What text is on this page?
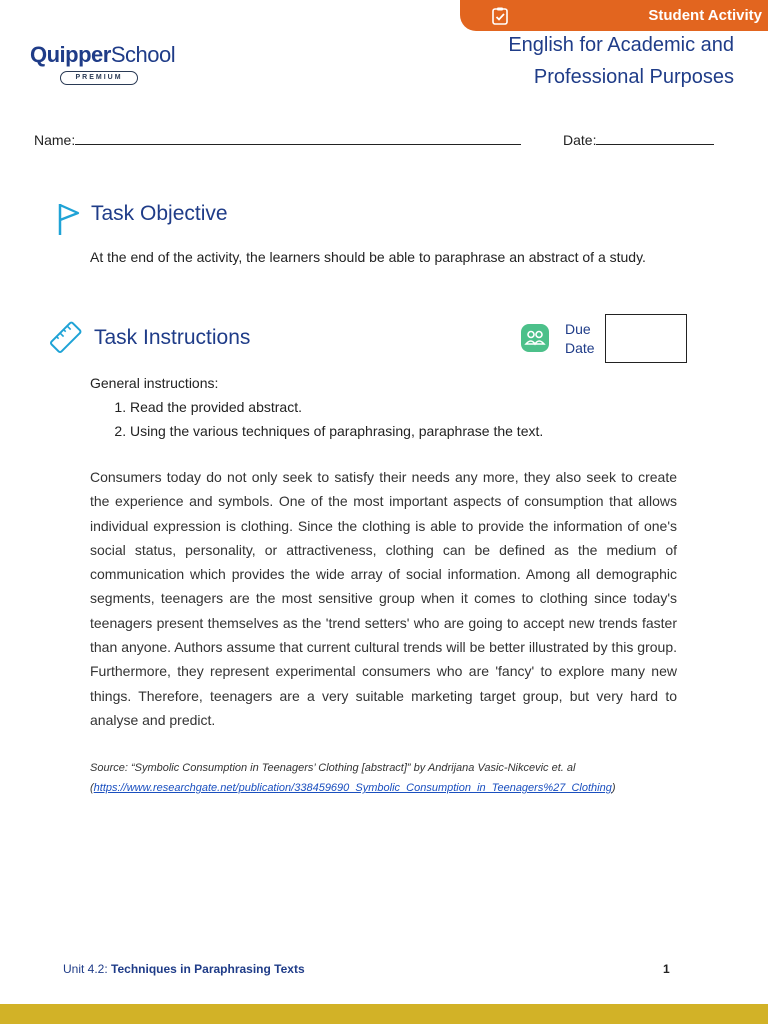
Student Activity
QuipperSchool
PREMIUM
English for Academic and
Professional Purposes
Name:	Date:
Task Objective
At the end of the activity, the learners should be able to paraphrase an abstract of a study.
Task Instructions	Due
Date
General instructions:
1. Read the provided abstract.
2. Using the various techniques of paraphrasing, paraphrase the text.
Consumers today do not only seek to satisfy their needs any more, they also seek to create the experience and symbols. One of the most important aspects of consumption that allows individual expression is clothing. Since the clothing is able to provide the information of one's social status, personality, or attractiveness, clothing can be defined as the medium of communication which provides the wide array of social information. Among all demographic segments, teenagers are the most sensitive group when it comes to clothing since today's teenagers present themselves as the 'trend setters' who are going to accept new trends faster than anyone. Authors assume that current cultural trends will be better illustrated by this group. Furthermore, they represent experimental consumers who are 'fancy' to explore many new things. Therefore, teenagers are a very suitable marketing target group, but very hard to analyse and predict.
Source: “Symbolic Consumption in Teenagers’ Clothing [abstract]” by Andrijana Vasic-Nikcevic et. al
(https://www.researchgate.net/publication/338459690_Symbolic_Consumption_in_Teenagers%27_Clothing)
Unit 4.2: Techniques in Paraphrasing Texts	1
